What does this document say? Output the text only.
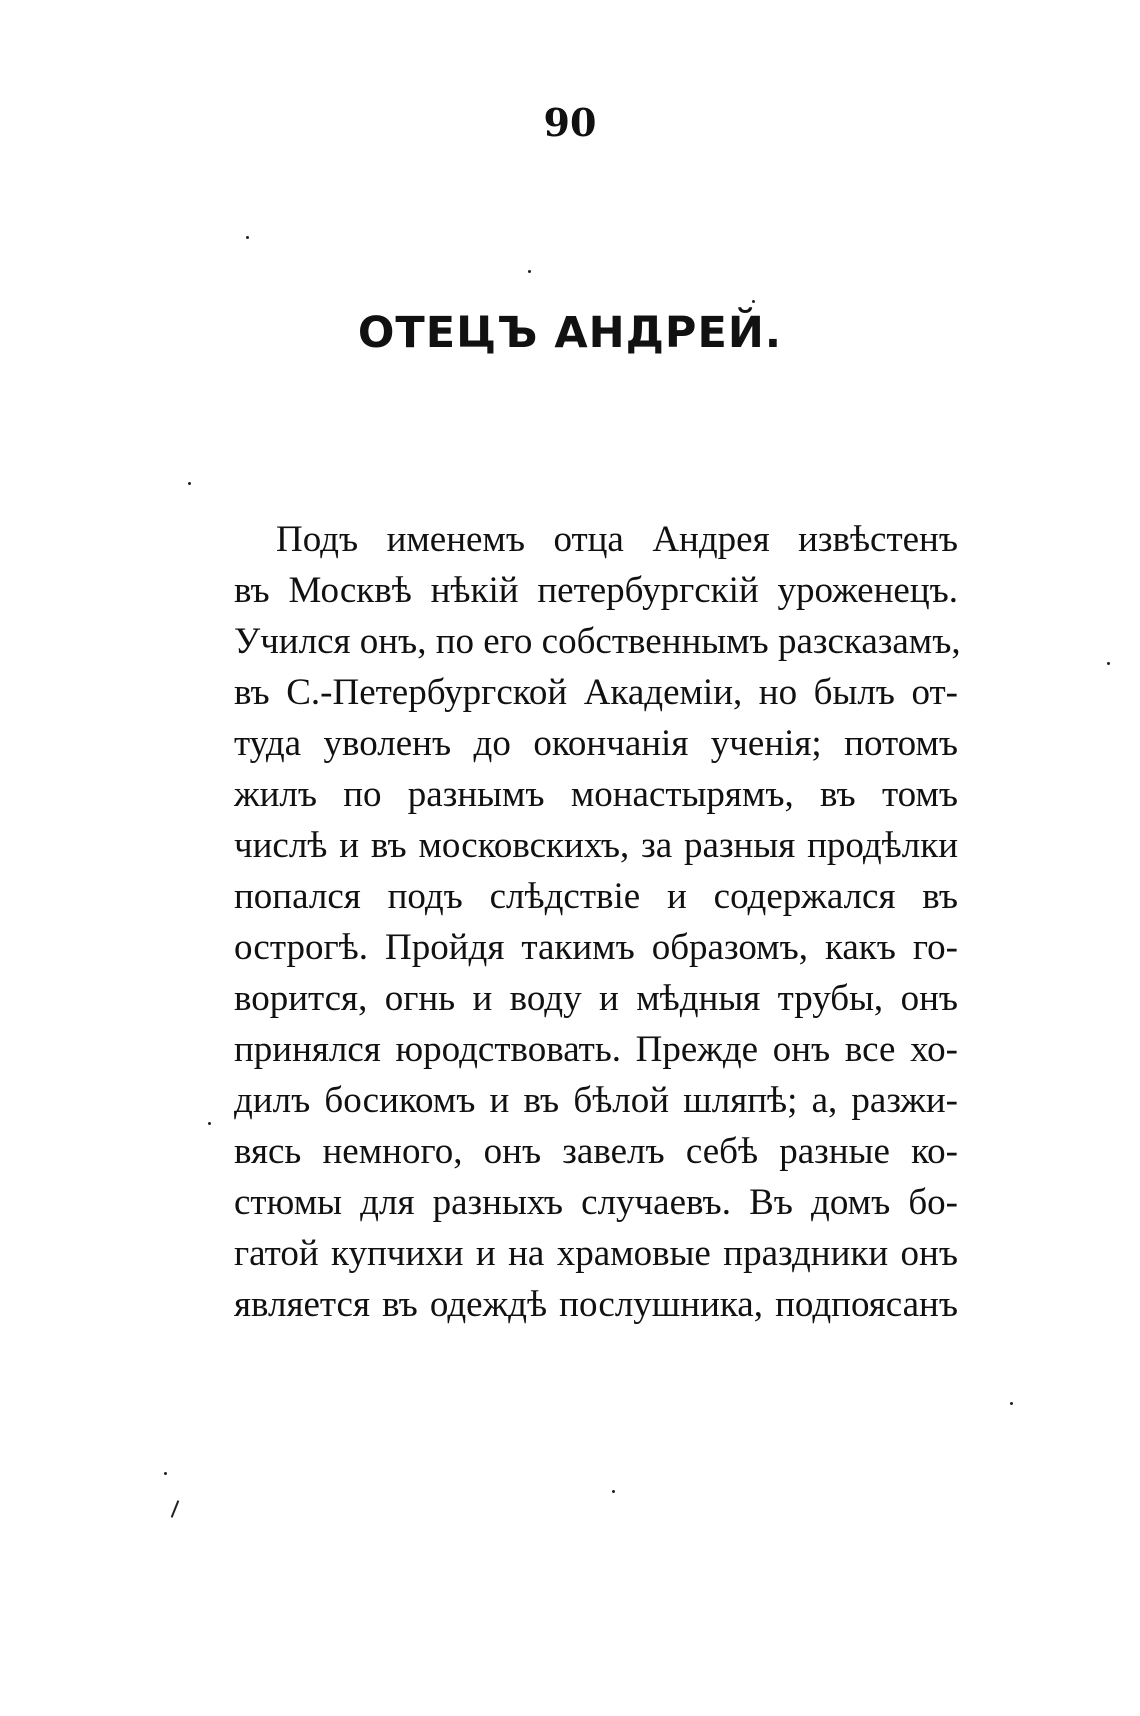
90
ОТЕЦЪ АНДРЕЙ.
Подъ именемъ отца Андрея извѣстенъ
въ Москвѣ нѣкій петербургскій уроженецъ.
Учился онъ, по его собственнымъ разсказамъ,
въ С.-Петербургской Академіи, но былъ от-
туда уволенъ до окончанія ученія; потомъ
жилъ по разнымъ монастырямъ, въ томъ
числѣ и въ московскихъ, за разныя продѣлки
попался подъ слѣдствіе и содержался въ
острогѣ. Пройдя такимъ образомъ, какъ го-
ворится, огнь и воду и мѣдныя трубы, онъ
принялся юродствовать. Прежде онъ все хо-
дилъ босикомъ и въ бѣлой шляпѣ; а, разжи-
вясь немного, онъ завелъ себѣ разные ко-
стюмы для разныхъ случаевъ. Въ домъ бо-
гатой купчихи и на храмовые праздники онъ
является въ одеждѣ послушника, подпоясанъ
